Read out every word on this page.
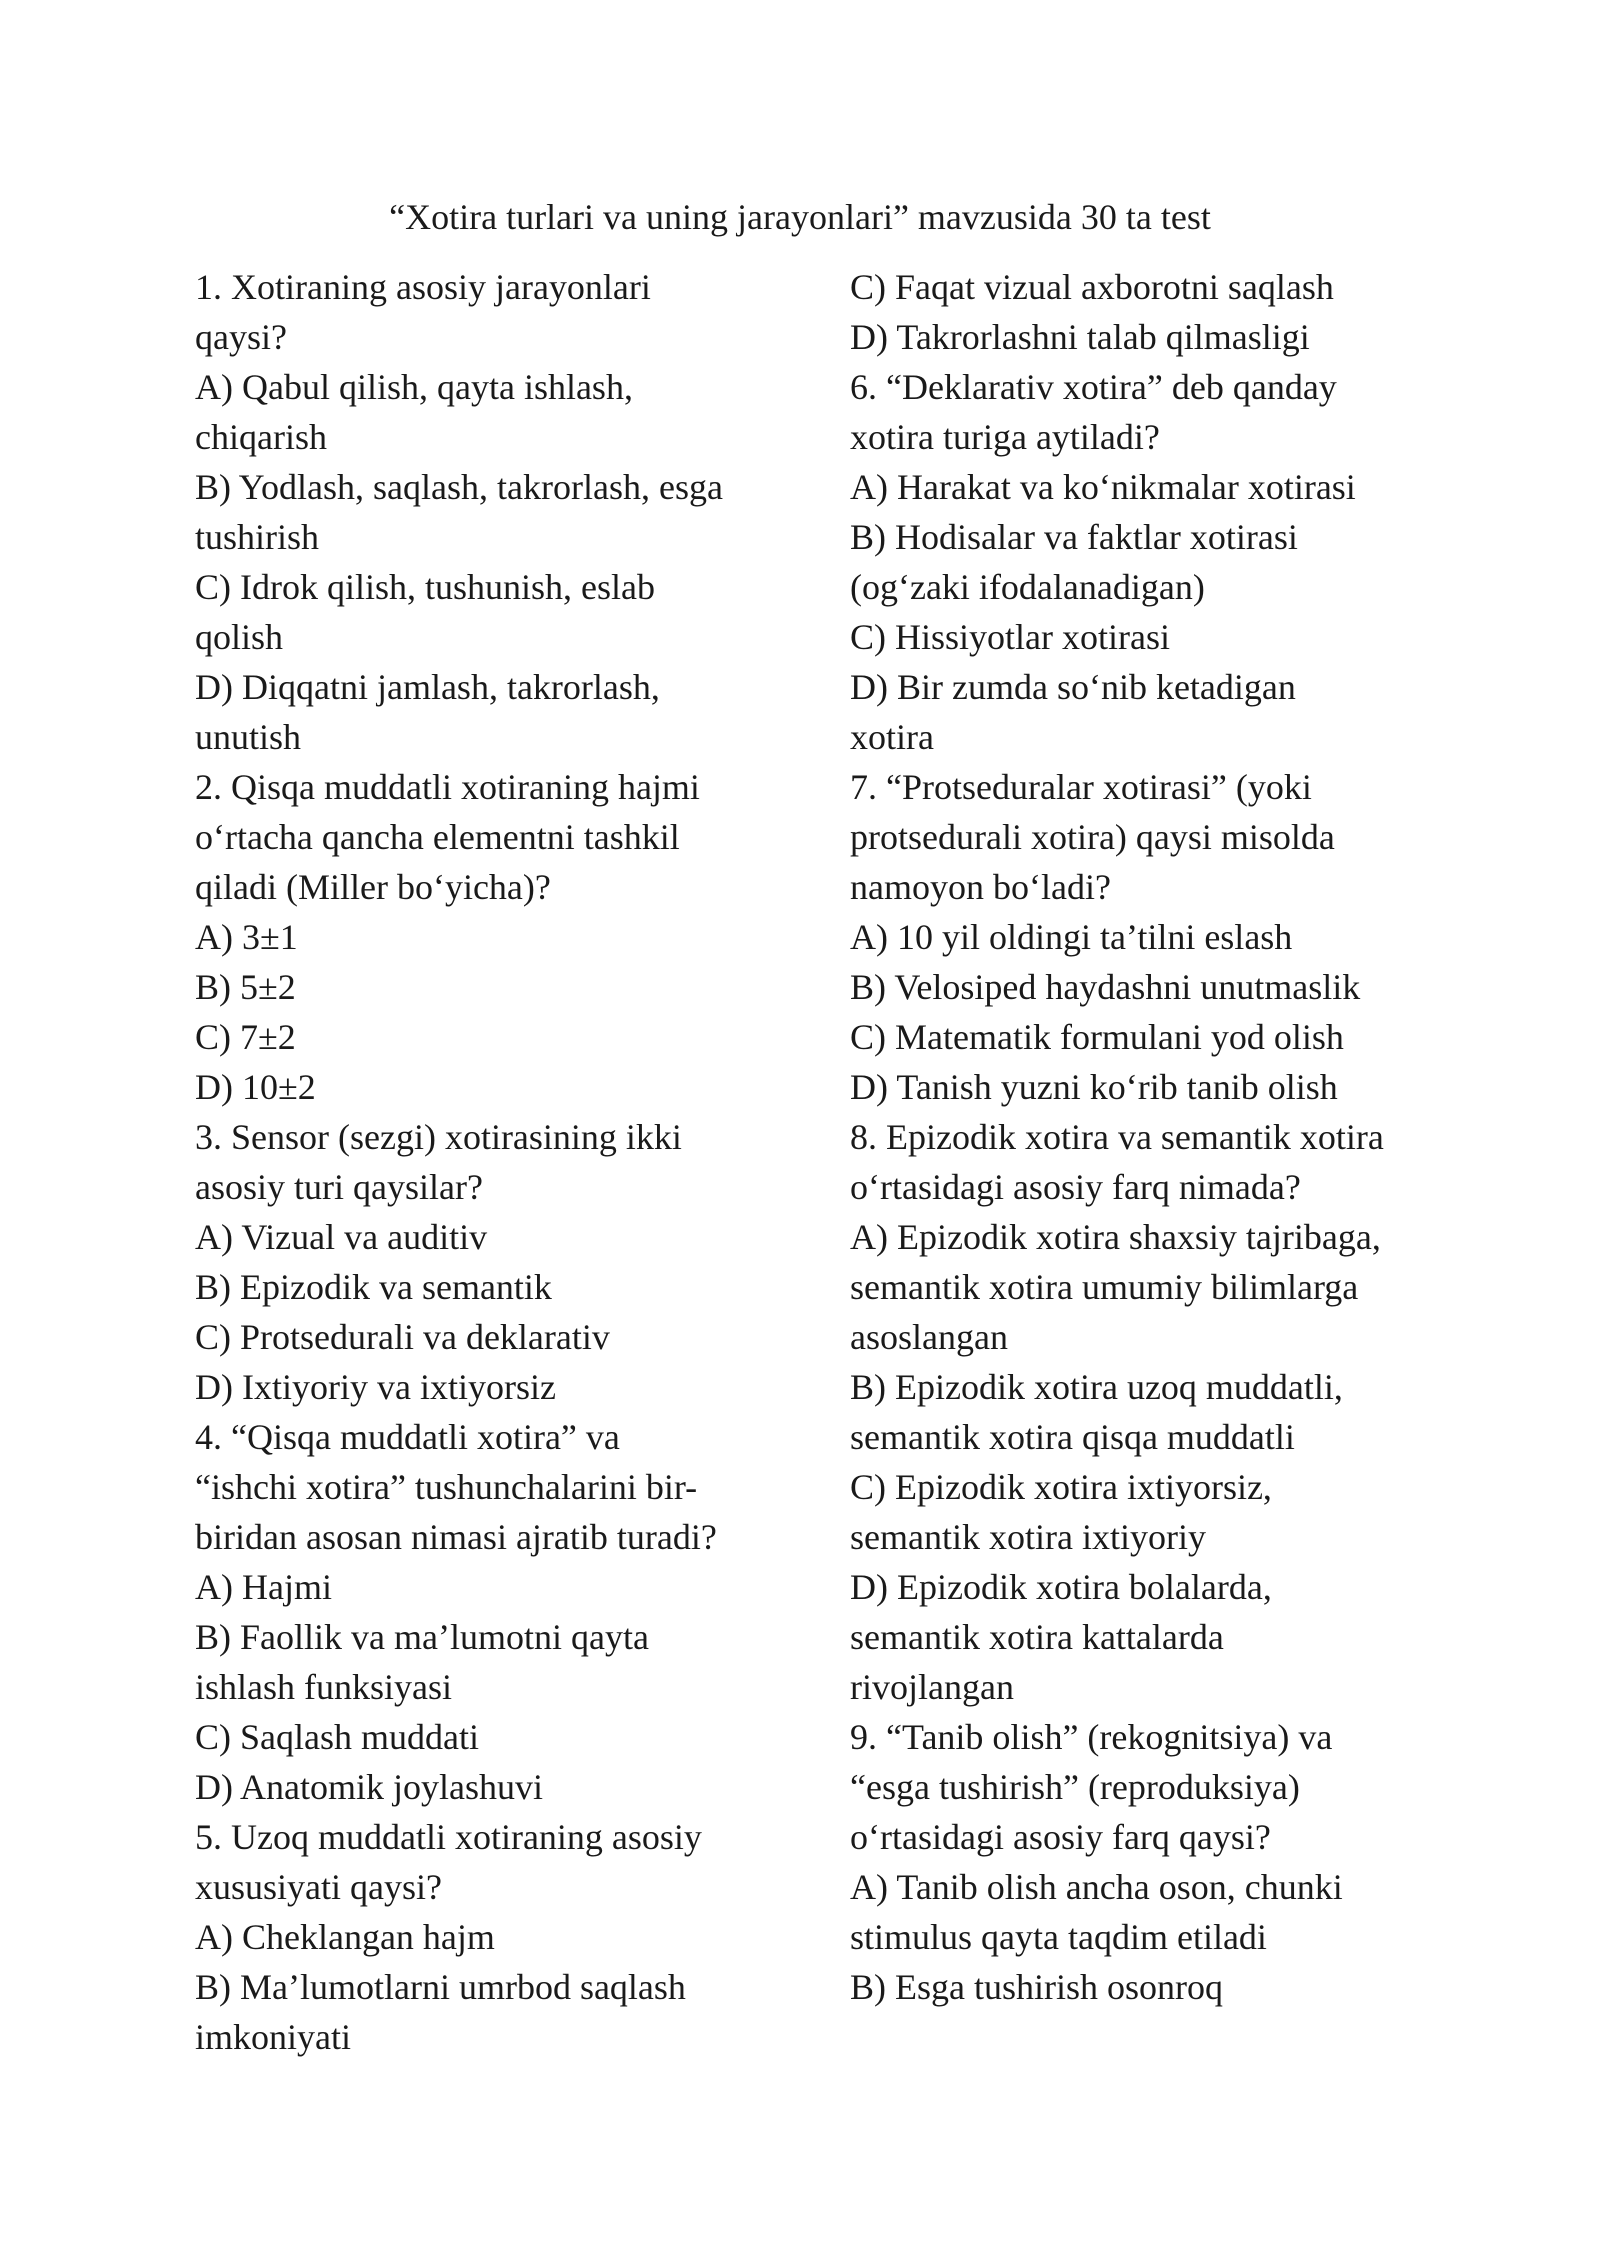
“Xotira turlari va uning jarayonlari” mavzusida 30 ta test
1. Xotiraning asosiy jarayonlari
qaysi?
A) Qabul qilish, qayta ishlash,
chiqarish
B) Yodlash, saqlash, takrorlash, esga
tushirish
C) Idrok qilish, tushunish, eslab
qolish
D) Diqqatni jamlash, takrorlash,
unutish
2. Qisqa muddatli xotiraning hajmi
o‘rtacha qancha elementni tashkil
qiladi (Miller bo‘yicha)?
A) 3±1
B) 5±2
C) 7±2
D) 10±2
3. Sensor (sezgi) xotirasining ikki
asosiy turi qaysilar?
A) Vizual va auditiv
B) Epizodik va semantik
C) Protsedurali va deklarativ
D) Ixtiyoriy va ixtiyorsiz
4. “Qisqa muddatli xotira” va
“ishchi xotira” tushunchalarini bir-
biridan asosan nimasi ajratib turadi?
A) Hajmi
B) Faollik va ma’lumotni qayta
ishlash funksiyasi
C) Saqlash muddati
D) Anatomik joylashuvi
5. Uzoq muddatli xotiraning asosiy
xususiyati qaysi?
A) Cheklangan hajm
B) Ma’lumotlarni umrbod saqlash
imkoniyati
C) Faqat vizual axborotni saqlash
D) Takrorlashni talab qilmasligi
6. “Deklarativ xotira” deb qanday
xotira turiga aytiladi?
A) Harakat va ko‘nikmalar xotirasi
B) Hodisalar va faktlar xotirasi
(og‘zaki ifodalanadigan)
C) Hissiyotlar xotirasi
D) Bir zumda so‘nib ketadigan
xotira
7. “Protseduralar xotirasi” (yoki
protsedurali xotira) qaysi misolda
namoyon bo‘ladi?
A) 10 yil oldingi ta’tilni eslash
B) Velosiped haydashni unutmaslik
C) Matematik formulani yod olish
D) Tanish yuzni ko‘rib tanib olish
8. Epizodik xotira va semantik xotira
o‘rtasidagi asosiy farq nimada?
A) Epizodik xotira shaxsiy tajribaga,
semantik xotira umumiy bilimlarga
asoslangan
B) Epizodik xotira uzoq muddatli,
semantik xotira qisqa muddatli
C) Epizodik xotira ixtiyorsiz,
semantik xotira ixtiyoriy
D) Epizodik xotira bolalarda,
semantik xotira kattalarda
rivojlangan
9. “Tanib olish” (rekognitsiya) va
“esga tushirish” (reproduksiya)
o‘rtasidagi asosiy farq qaysi?
A) Tanib olish ancha oson, chunki
stimulus qayta taqdim etiladi
B) Esga tushirish osonroq
